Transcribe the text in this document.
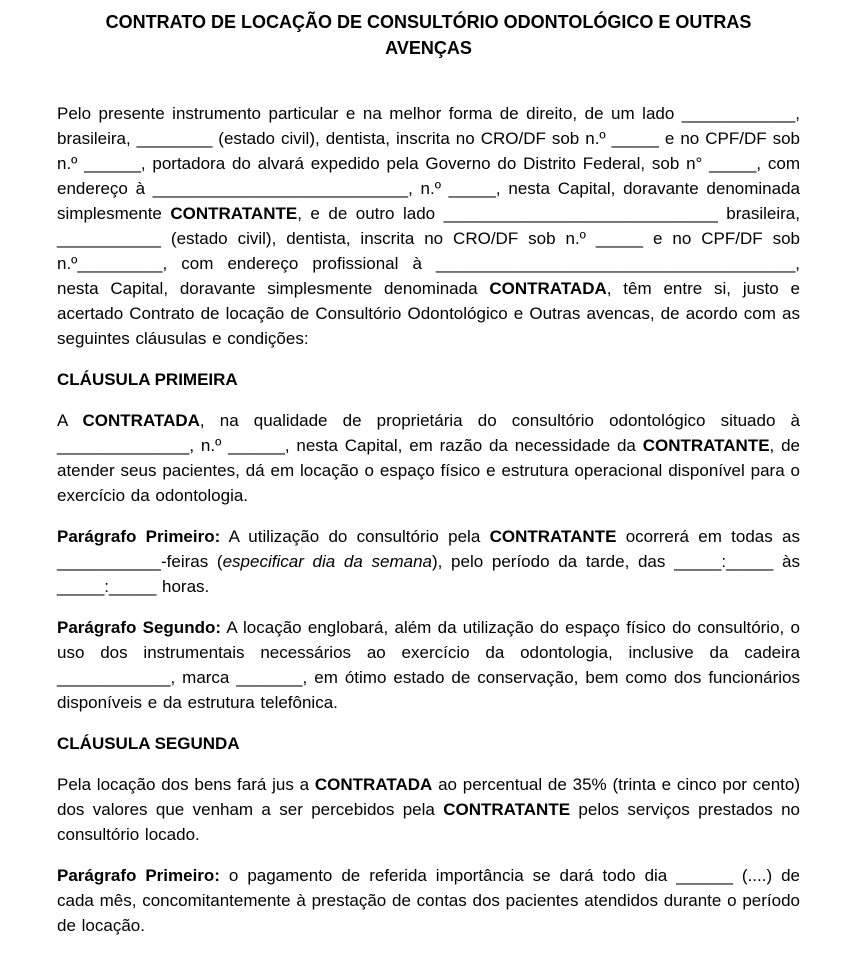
CONTRATO DE LOCAÇÃO DE CONSULTÓRIO ODONTOLÓGICO E OUTRAS AVENÇAS

Pelo presente instrumento particular e na melhor forma de direito, de um lado ____________, brasileira, ________ (estado civil), dentista, inscrita no CRO/DF sob n.º _____ e no CPF/DF sob n.º ______, portadora do alvará expedido pela Governo do Distrito Federal, sob n° _____, com endereço à ___________________________, n.º _____, nesta Capital, doravante denominada simplesmente CONTRATANTE, e de outro lado _____________________________ brasileira, ___________ (estado civil), dentista, inscrita no CRO/DF sob n.º _____ e no CPF/DF sob n.º_________, com endereço profissional à ______________________________________, nesta Capital, doravante simplesmente denominada CONTRATADA, têm entre si, justo e acertado Contrato de locação de Consultório Odontológico e Outras avencas, de acordo com as seguintes cláusulas e condições:

CLÁUSULA PRIMEIRA

A CONTRATADA, na qualidade de proprietária do consultório odontológico situado à ______________, n.º ______, nesta Capital, em razão da necessidade da CONTRATANTE, de atender seus pacientes, dá em locação o espaço físico e estrutura operacional disponível para o exercício da odontologia.

Parágrafo Primeiro: A utilização do consultório pela CONTRATANTE ocorrerá em todas as ___________-feiras (especificar dia da semana), pelo período da tarde, das _____:_____ às _____:_____ horas.

Parágrafo Segundo: A locação englobará, além da utilização do espaço físico do consultório, o uso dos instrumentais necessários ao exercício da odontologia, inclusive da cadeira ____________, marca _______, em ótimo estado de conservação, bem como dos funcionários disponíveis e da estrutura telefônica.

CLÁUSULA SEGUNDA

Pela locação dos bens fará jus a CONTRATADA ao percentual de 35% (trinta e cinco por cento) dos valores que venham a ser percebidos pela CONTRATANTE pelos serviços prestados no consultório locado.

Parágrafo Primeiro: o pagamento de referida importância se dará todo dia ______ (....) de cada mês, concomitantemente à prestação de contas dos pacientes atendidos durante o período de locação.
